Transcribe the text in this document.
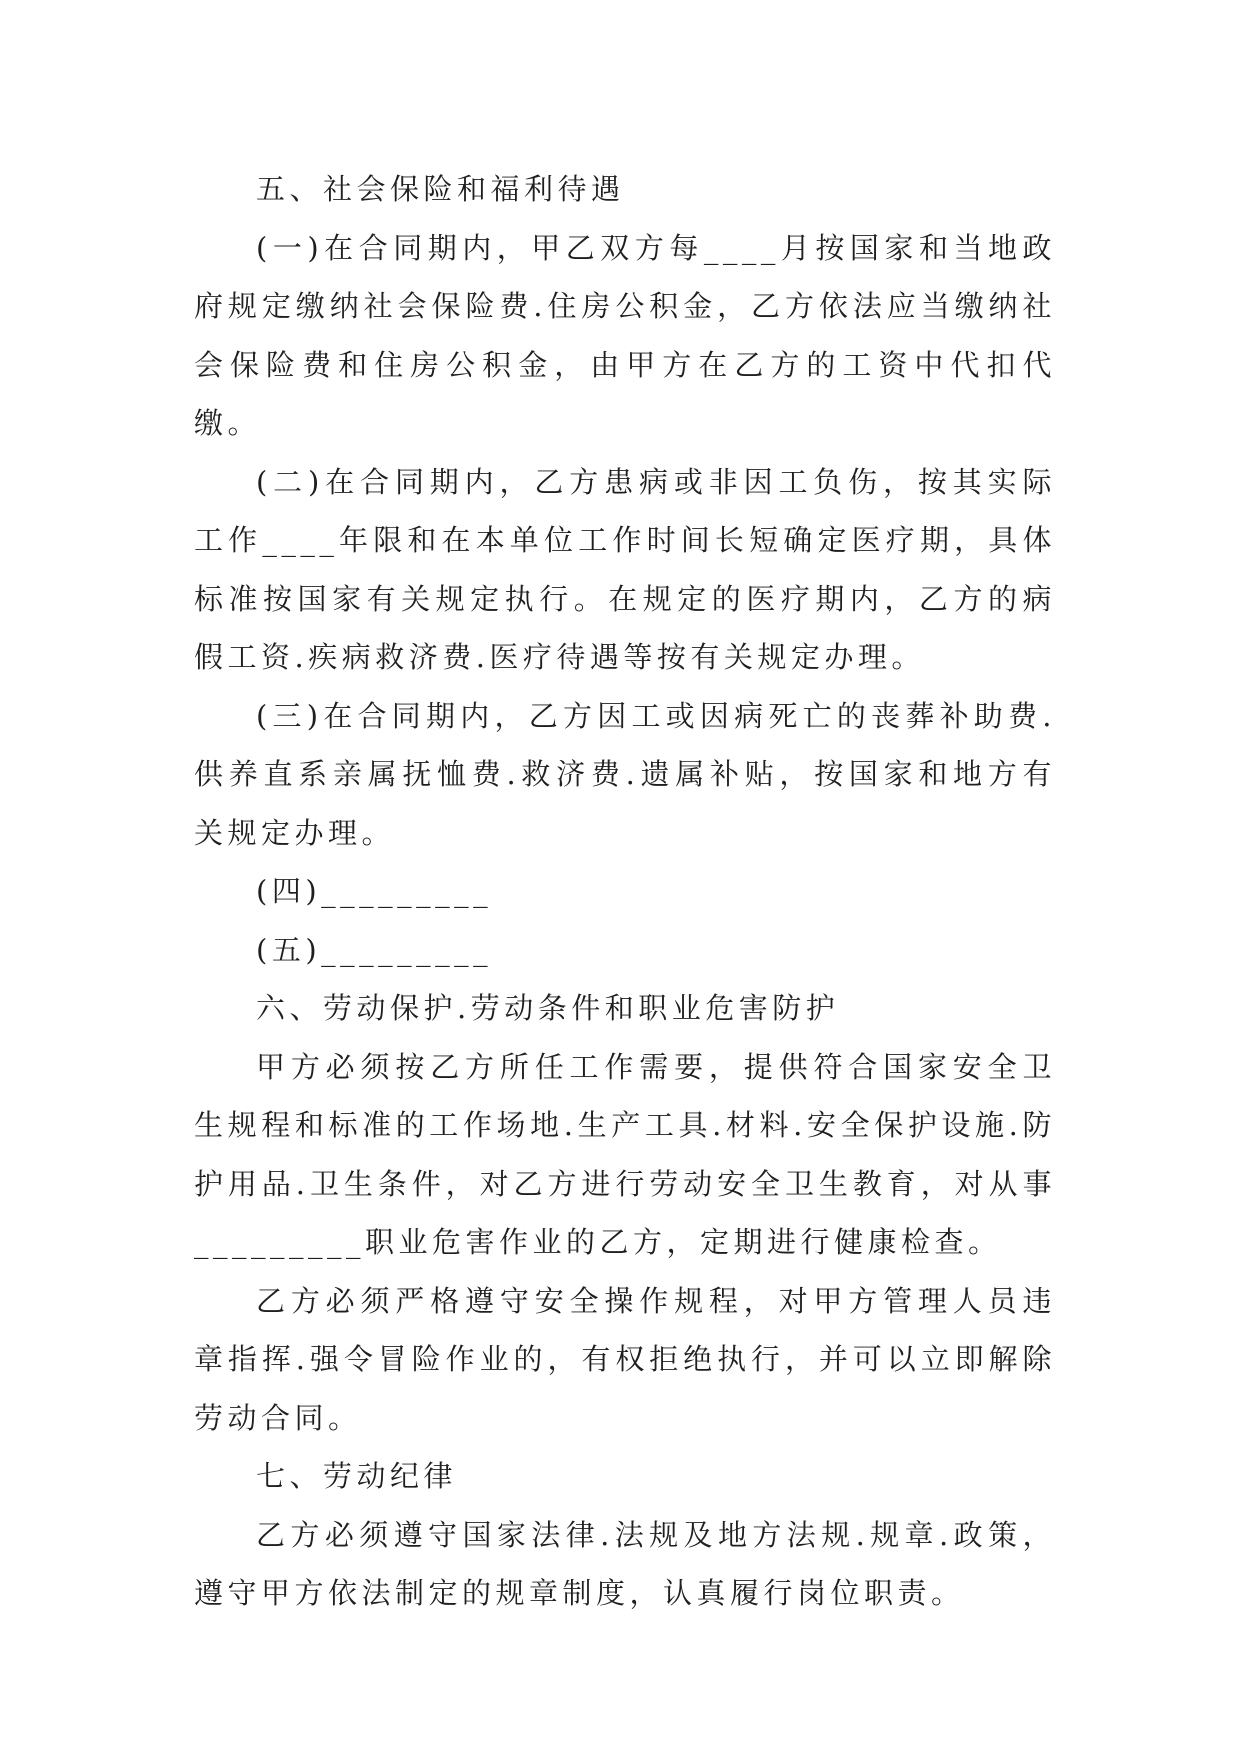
五、社会保险和福利待遇

(一)在合同期内，甲乙双方每____月按国家和当地政府规定缴纳社会保险费.住房公积金，乙方依法应当缴纳社会保险费和住房公积金，由甲方在乙方的工资中代扣代缴。

(二)在合同期内，乙方患病或非因工负伤，按其实际工作____年限和在本单位工作时间长短确定医疗期，具体标准按国家有关规定执行。在规定的医疗期内，乙方的病假工资.疾病救济费.医疗待遇等按有关规定办理。

(三)在合同期内，乙方因工或因病死亡的丧葬补助费.供养直系亲属抚恤费.救济费.遗属补贴，按国家和地方有关规定办理。

(四)_________

(五)_________

六、劳动保护.劳动条件和职业危害防护

甲方必须按乙方所任工作需要，提供符合国家安全卫生规程和标准的工作场地.生产工具.材料.安全保护设施.防护用品.卫生条件，对乙方进行劳动安全卫生教育，对从事_________职业危害作业的乙方，定期进行健康检查。

乙方必须严格遵守安全操作规程，对甲方管理人员违章指挥.强令冒险作业的，有权拒绝执行，并可以立即解除劳动合同。

七、劳动纪律

乙方必须遵守国家法律.法规及地方法规.规章.政策，遵守甲方依法制定的规章制度，认真履行岗位职责。
